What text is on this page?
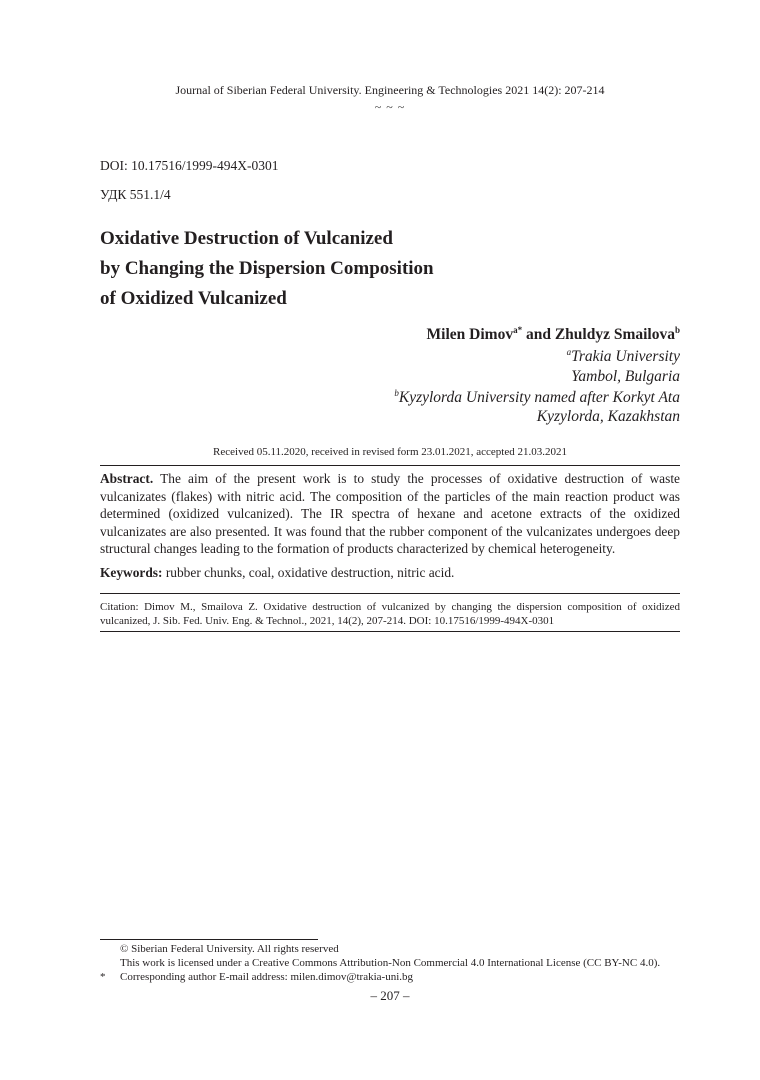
Journal of Siberian Federal University. Engineering & Technologies 2021 14(2): 207-214
~ ~ ~
DOI: 10.17516/1999-494X-0301
УДК 551.1/4
Oxidative Destruction of Vulcanized
by Changing the Dispersion Composition
of Oxidized Vulcanized
Milen Dimov$^{a*}$ and Zhuldyz Smailova$^b$
$^a$Trakia University
Yambol, Bulgaria
$^b$Kyzylorda University named after Korkyt Ata
Kyzylorda, Kazakhstan
Received 05.11.2020, received in revised form 23.01.2021, accepted 21.03.2021
Abstract. The aim of the present work is to study the processes of oxidative destruction of waste vulcanizates (flakes) with nitric acid. The composition of the particles of the main reaction product was determined (oxidized vulcanized). The IR spectra of hexane and acetone extracts of the oxidized vulcanizates are also presented. It was found that the rubber component of the vulcanizates undergoes deep structural changes leading to the formation of products characterized by chemical heterogeneity.
Keywords: rubber chunks, coal, oxidative destruction, nitric acid.
Citation: Dimov M., Smailova Z. Oxidative destruction of vulcanized by changing the dispersion composition of oxidized vulcanized, J. Sib. Fed. Univ. Eng. & Technol., 2021, 14(2), 207-214. DOI: 10.17516/1999-494X-0301
© Siberian Federal University. All rights reserved
This work is licensed under a Creative Commons Attribution-Non Commercial 4.0 International License (CC BY-NC 4.0).
* Corresponding author E-mail address: milen.dimov@trakia-uni.bg
– 207 –
